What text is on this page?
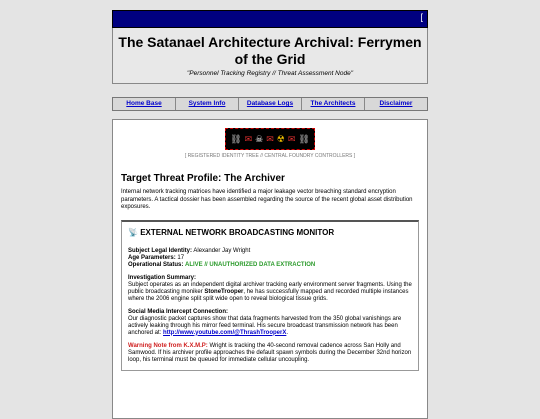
[
The Satanael Architecture Archival: Ferrymen of the Grid
"Personnel Tracking Registry // Threat Assessment Node"
Home Base	System Info	Database Logs	The Architects	Disclaimer
⛓ ✉ ☠ ✉ ☢ ✉ ⛓
[ REGISTERED IDENTITY TREE // CENTRAL FOUNDRY CONTROLLERS ]
Target Threat Profile: The Archiver
Internal network tracking matrices have identified a major leakage vector breaching standard encryption parameters. A tactical dossier has been assembled regarding the source of the recent global asset distribution exposures.
📡 EXTERNAL NETWORK BROADCASTING MONITOR
Subject Legal Identity: Alexander Jay Wright
Age Parameters: 17
Operational Status: ALIVE // UNAUTHORIZED DATA EXTRACTION
Investigation Summary:

Subject operates as an independent digital archiver tracking early environment server fragments. Using the public broadcasting moniker StoneTrooper, he has successfully mapped and recorded multiple instances where the 2006 engine split split wide open to reveal biological tissue grids.

Social Media Intercept Connection:

Our diagnostic packet captures show that data fragments harvested from the 350 global vanishings are actively leaking through his mirror feed terminal. His secure broadcast transmission network has been anchored at: http://www.youtube.com/@ThrashTrooperX.

Warning Note from K.X.M.P: Wright is tracking the 40-second removal cadence across San Holly and Samwood. If his archiver profile approaches the default spawn symbols during the December 32nd horizon loop, his terminal must be queued for immediate cellular uncoupling.
